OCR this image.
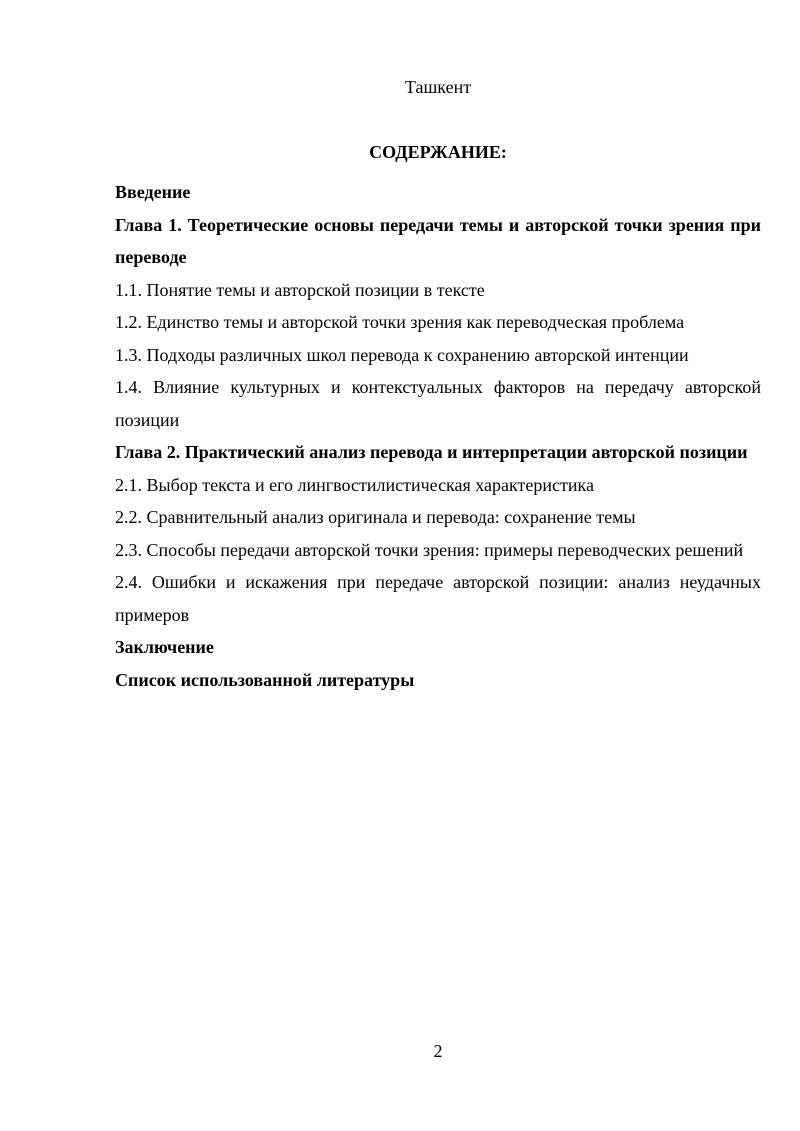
Ташкент
СОДЕРЖАНИЕ:

Введение

Глава 1. Теоретические основы передачи темы и авторской точки зрения при переводе

1.1. Понятие темы и авторской позиции в тексте

1.2. Единство темы и авторской точки зрения как переводческая проблема

1.3. Подходы различных школ перевода к сохранению авторской интенции

1.4. Влияние культурных и контекстуальных факторов на передачу авторской позиции

Глава 2. Практический анализ перевода и интерпретации авторской позиции

2.1. Выбор текста и его лингвостилистическая характеристика

2.2. Сравнительный анализ оригинала и перевода: сохранение темы

2.3. Способы передачи авторской точки зрения: примеры переводческих решений

2.4. Ошибки и искажения при передаче авторской позиции: анализ неудачных примеров

Заключение

Список использованной литературы

2
